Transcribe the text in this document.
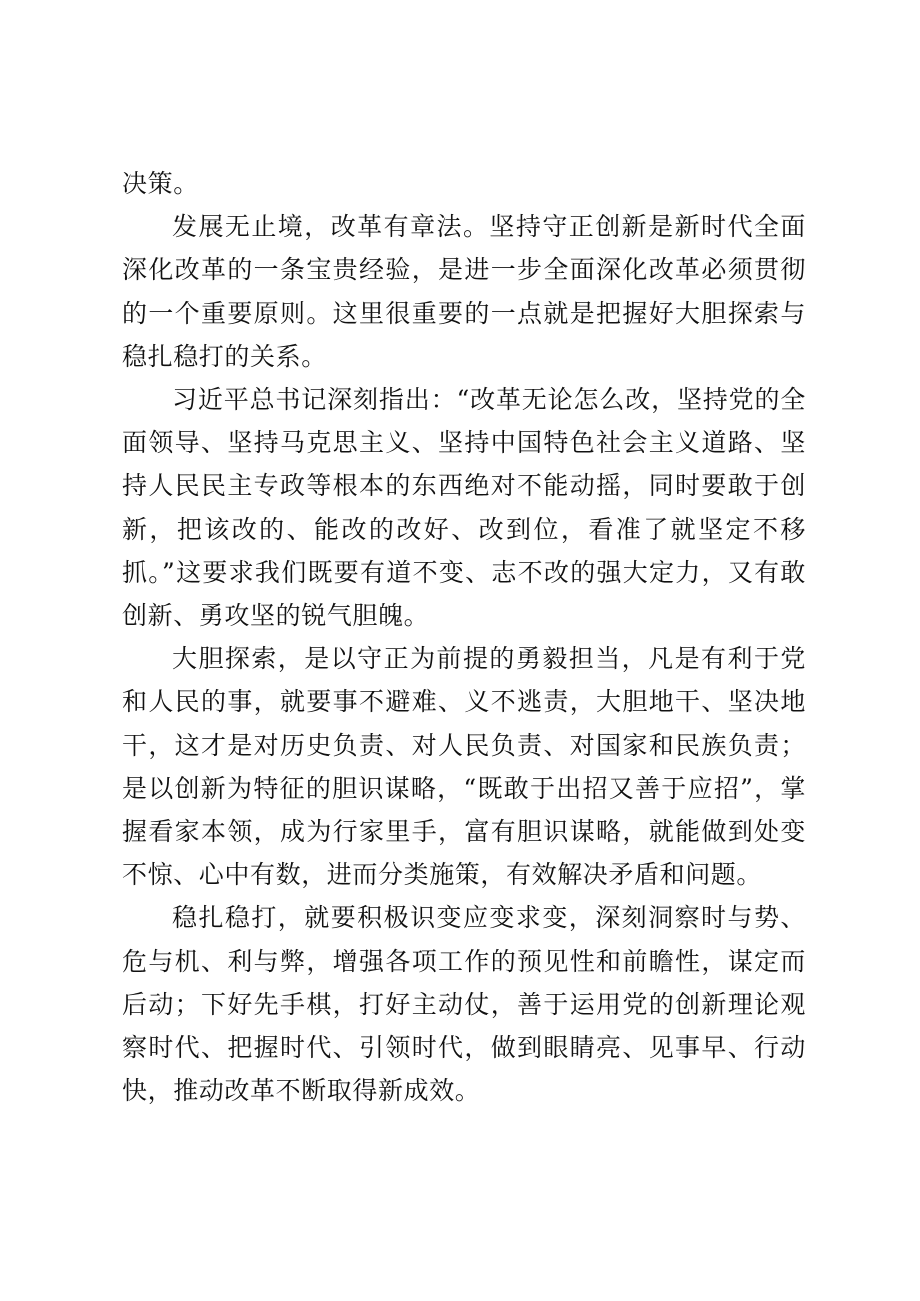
决策。

发展无止境，改革有章法。坚持守正创新是新时代全面深化改革的一条宝贵经验，是进一步全面深化改革必须贯彻的一个重要原则。这里很重要的一点就是把握好大胆探索与稳扎稳打的关系。

习近平总书记深刻指出：“改革无论怎么改，坚持党的全面领导、坚持马克思主义、坚持中国特色社会主义道路、坚持人民民主专政等根本的东西绝对不能动摇，同时要敢于创新，把该改的、能改的改好、改到位，看准了就坚定不移抓。”这要求我们既要有道不变、志不改的强大定力，又有敢创新、勇攻坚的锐气胆魄。

大胆探索，是以守正为前提的勇毅担当，凡是有利于党和人民的事，就要事不避难、义不逃责，大胆地干、坚决地干，这才是对历史负责、对人民负责、对国家和民族负责；是以创新为特征的胆识谋略，“既敢于出招又善于应招”，掌握看家本领，成为行家里手，富有胆识谋略，就能做到处变不惊、心中有数，进而分类施策，有效解决矛盾和问题。

稳扎稳打，就要积极识变应变求变，深刻洞察时与势、危与机、利与弊，增强各项工作的预见性和前瞻性，谋定而后动；下好先手棋，打好主动仗，善于运用党的创新理论观察时代、把握时代、引领时代，做到眼睛亮、见事早、行动快，推动改革不断取得新成效。
